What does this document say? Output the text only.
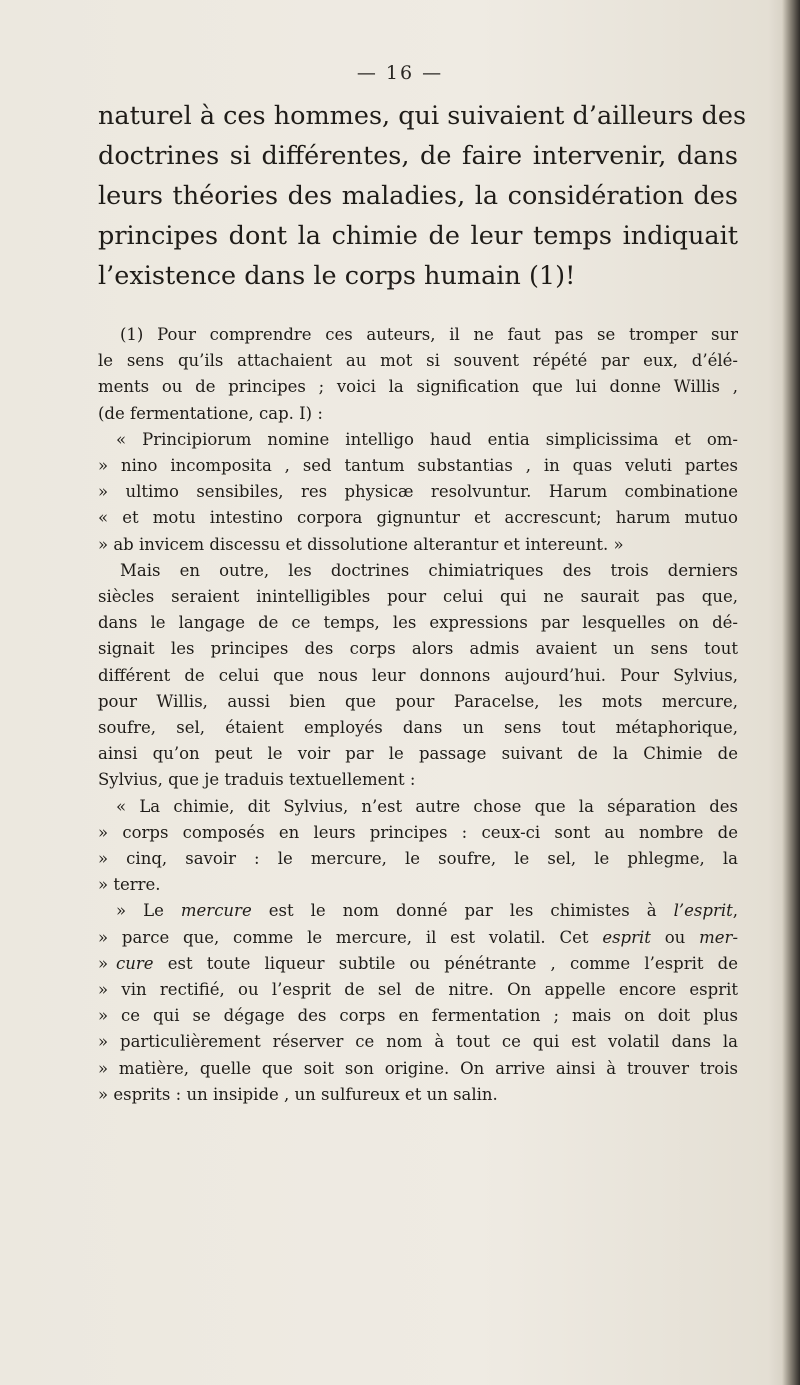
— 16 —
naturel à ces hommes, qui suivaient d’ailleurs des
doctrines si différentes, de faire intervenir, dans
leurs théories des maladies, la considération des
principes dont la chimie de leur temps indiquait
l’existence dans le corps humain (1)!
(1) Pour comprendre ces auteurs, il ne faut pas se tromper sur
le sens qu’ils attachaient au mot si souvent répété par eux, d’élé-
ments ou de principes ; voici la signification que lui donne Willis ,
(de fermentatione, cap. I) :
« Principiorum nomine intelligo haud entia simplicissima et om-
» nino incomposita , sed tantum substantias , in quas veluti partes
» ultimo sensibiles, res physicæ resolvuntur. Harum combinatione
« et motu intestino corpora gignuntur et accrescunt; harum mutuo
» ab invicem discessu et dissolutione alterantur et intereunt. »
Mais en outre, les doctrines chimiatriques des trois derniers
siècles seraient inintelligibles pour celui qui ne saurait pas que,
dans le langage de ce temps, les expressions par lesquelles on dé-
signait les principes des corps alors admis avaient un sens tout
différent de celui que nous leur donnons aujourd’hui. Pour Sylvius,
pour Willis, aussi bien que pour Paracelse, les mots mercure,
soufre, sel, étaient employés dans un sens tout métaphorique,
ainsi qu’on peut le voir par le passage suivant de la Chimie de
Sylvius, que je traduis textuellement :
« La chimie, dit Sylvius, n’est autre chose que la séparation des
» corps composés en leurs principes : ceux-ci sont au nombre de
» cinq, savoir : le mercure, le soufre, le sel, le phlegme, la
» terre.
» Le mercure est le nom donné par les chimistes à l’esprit,
» parce que, comme le mercure, il est volatil. Cet esprit ou mer-
» cure est toute liqueur subtile ou pénétrante , comme l’esprit de
» vin rectifié, ou l’esprit de sel de nitre. On appelle encore esprit
» ce qui se dégage des corps en fermentation ; mais on doit plus
» particulièrement réserver ce nom à tout ce qui est volatil dans la
» matière, quelle que soit son origine. On arrive ainsi à trouver trois
» esprits : un insipide , un sulfureux et un salin.
